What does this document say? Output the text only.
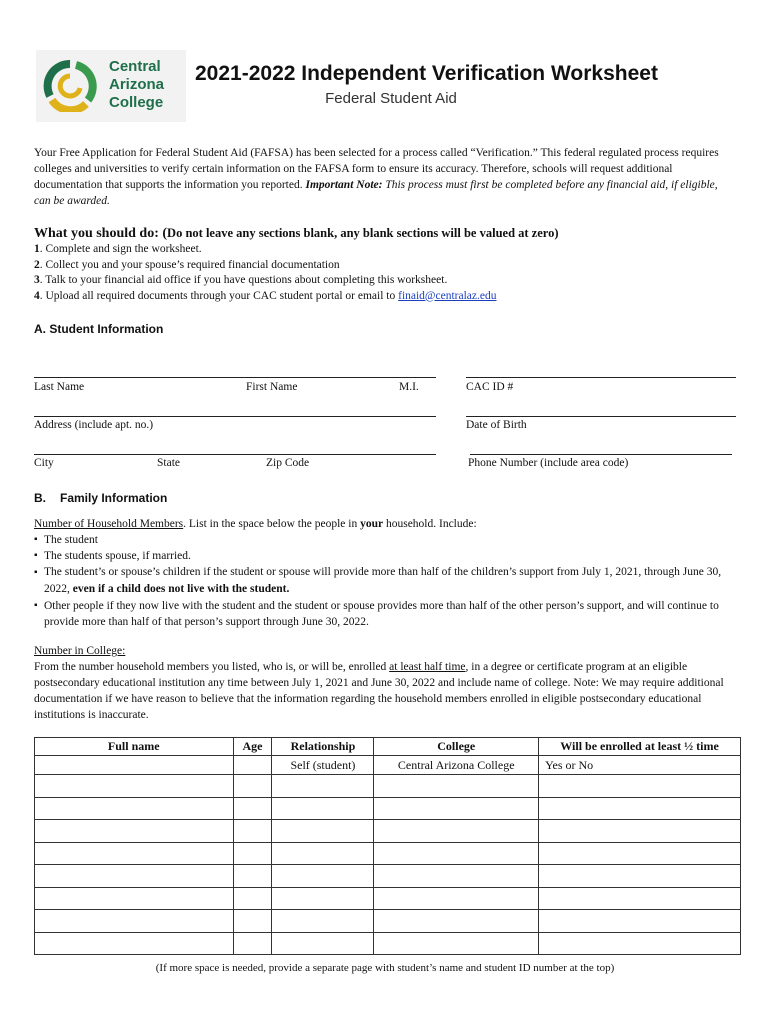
Central
Arizona
College
2021-2022 Independent Verification Worksheet
Federal Student Aid
Your Free Application for Federal Student Aid (FAFSA) has been selected for a process called “Verification.” This federal regulated process requires colleges and universities to verify certain information on the FAFSA form to ensure its accuracy. Therefore, schools will request additional documentation that supports the information you reported. Important Note: This process must first be completed before any financial aid, if eligible, can be awarded.
What you should do: (Do not leave any sections blank, any blank sections will be valued at zero)
1. Complete and sign the worksheet.
2. Collect you and your spouse’s required financial documentation
3. Talk to your financial aid office if you have questions about completing this worksheet.
4. Upload all required documents through your CAC student portal or email to finaid@centralaz.edu
A. Student Information
Last Name	First Name	M.I.	CAC ID #
Address (include apt. no.)	Date of Birth
City	State	Zip Code	Phone Number (include area code)
B. Family Information
Number of Household Members. List in the space below the people in your household. Include:
▪ The student
▪ The students spouse, if married.
▪ The student’s or spouse’s children if the student or spouse will provide more than half of the children’s support from July 1, 2021, through June 30, 2022, even if a child does not live with the student.
▪ Other people if they now live with the student and the student or spouse provides more than half of the other person’s support, and will continue to provide more than half of that person’s support through June 30, 2022.
Number in College:
From the number household members you listed, who is, or will be, enrolled at least half time, in a degree or certificate program at an eligible postsecondary educational institution any time between July 1, 2021 and June 30, 2022 and include name of college. Note: We may require additional documentation if we have reason to believe that the information regarding the household members enrolled in eligible postsecondary educational institutions is inaccurate.
Full name	Age	Relationship	College	Will be enrolled at least ½ time
		Self (student)	Central Arizona College	Yes or No

(If more space is needed, provide a separate page with student’s name and student ID number at the top)
